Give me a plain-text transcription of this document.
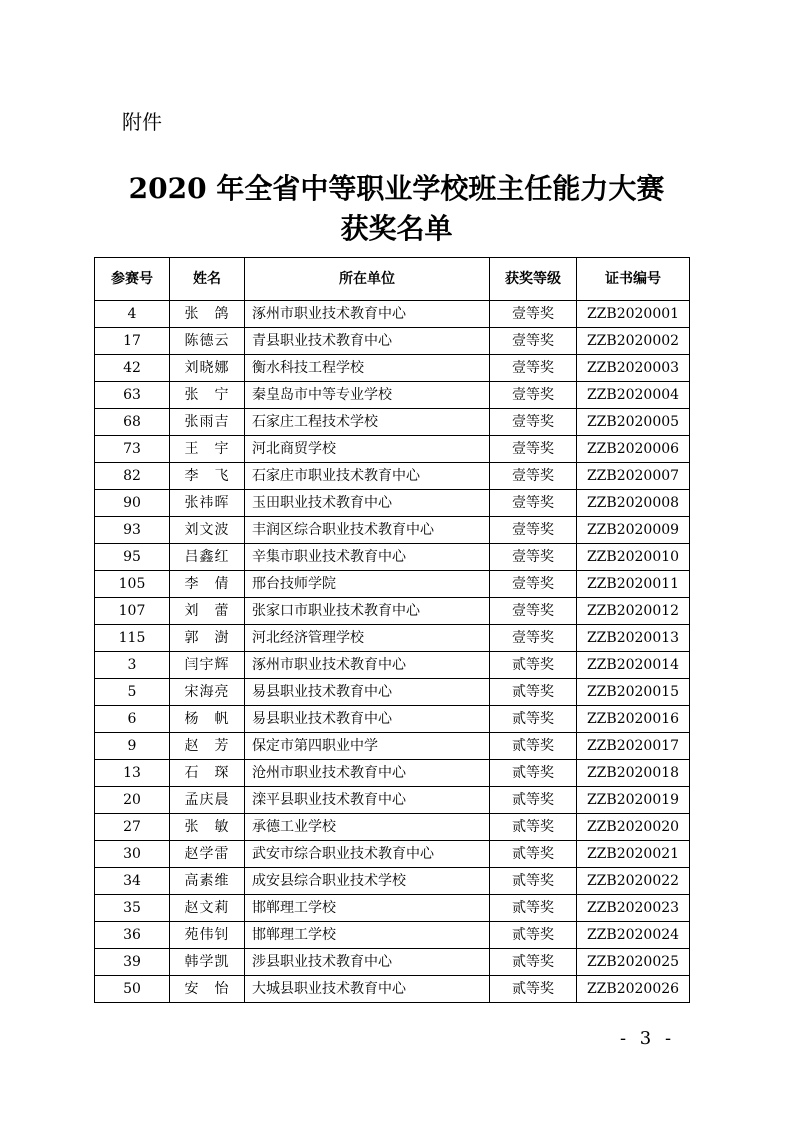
附件
2020 年全省中等职业学校班主任能力大赛
获奖名单
参赛号	姓名	所在单位	获奖等级	证书编号
4	张　鸽	涿州市职业技术教育中心	壹等奖	ZZB2020001
17	陈德云	青县职业技术教育中心	壹等奖	ZZB2020002
42	刘晓娜	衡水科技工程学校	壹等奖	ZZB2020003
63	张　宁	秦皇岛市中等专业学校	壹等奖	ZZB2020004
68	张雨吉	石家庄工程技术学校	壹等奖	ZZB2020005
73	王　宇	河北商贸学校	壹等奖	ZZB2020006
82	李　飞	石家庄市职业技术教育中心	壹等奖	ZZB2020007
90	张祎晖	玉田职业技术教育中心	壹等奖	ZZB2020008
93	刘文波	丰润区综合职业技术教育中心	壹等奖	ZZB2020009
95	吕鑫红	辛集市职业技术教育中心	壹等奖	ZZB2020010
105	李　倩	邢台技师学院	壹等奖	ZZB2020011
107	刘　蕾	张家口市职业技术教育中心	壹等奖	ZZB2020012
115	郭　澍	河北经济管理学校	壹等奖	ZZB2020013
3	闫宇辉	涿州市职业技术教育中心	贰等奖	ZZB2020014
5	宋海亮	易县职业技术教育中心	贰等奖	ZZB2020015
6	杨　帆	易县职业技术教育中心	贰等奖	ZZB2020016
9	赵　芳	保定市第四职业中学	贰等奖	ZZB2020017
13	石　琛	沧州市职业技术教育中心	贰等奖	ZZB2020018
20	孟庆晨	滦平县职业技术教育中心	贰等奖	ZZB2020019
27	张　敏	承德工业学校	贰等奖	ZZB2020020
30	赵学雷	武安市综合职业技术教育中心	贰等奖	ZZB2020021
34	高素维	成安县综合职业技术学校	贰等奖	ZZB2020022
35	赵文莉	邯郸理工学校	贰等奖	ZZB2020023
36	苑伟钊	邯郸理工学校	贰等奖	ZZB2020024
39	韩学凯	涉县职业技术教育中心	贰等奖	ZZB2020025
50	安　怡	大城县职业技术教育中心	贰等奖	ZZB2020026
- 3 -
